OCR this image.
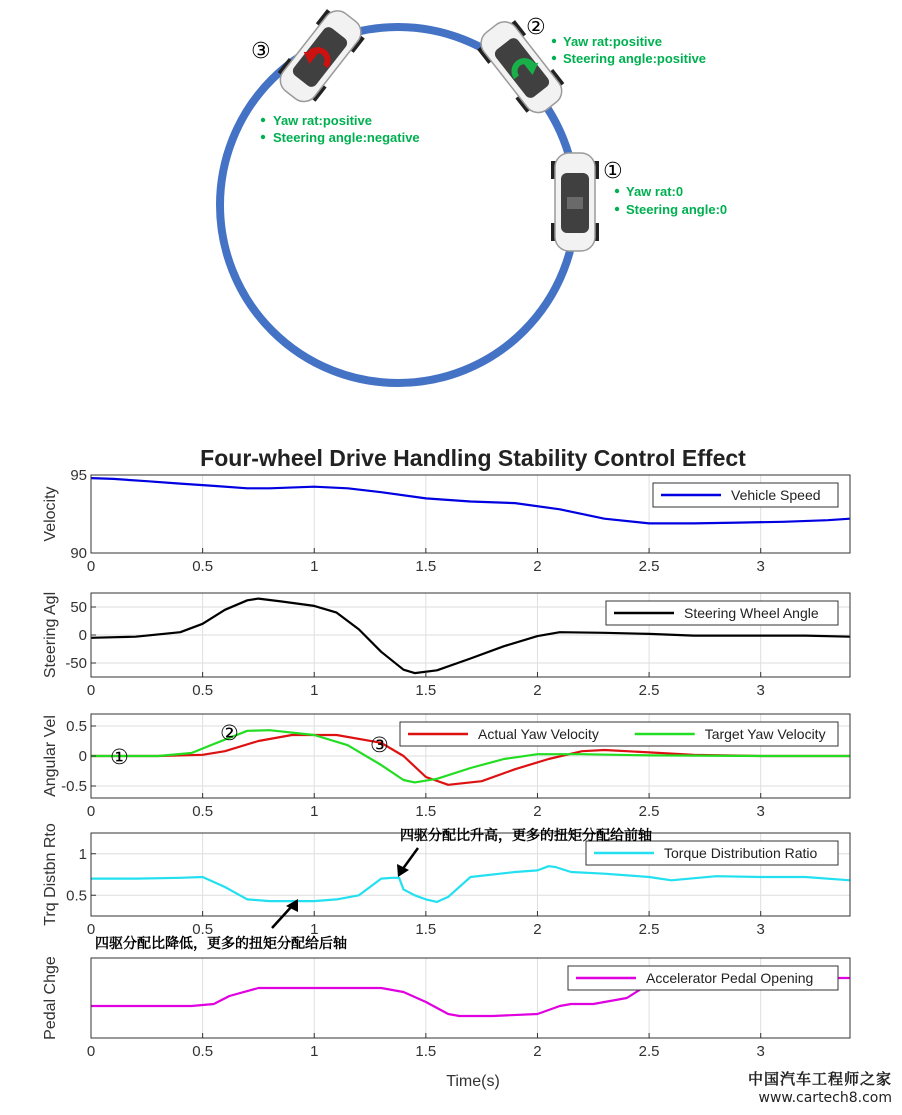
①
Yaw rat:0
Steering angle:0
②
Yaw rat:positive
Steering angle:positive
③
Yaw rat:positive
Steering angle:negative
Four-wheel Drive Handling Stability Control Effect
0	0.5	1	1.5	2	2.5	3
90
95
Velocity	Vehicle Speed
0	0.5	1	1.5	2	2.5	3
-50
0
50
Steering Agl	Steering Wheel Angle
0	0.5	1	1.5	2	2.5	3
-0.5
0
0.5
Angular Vel	Actual Yaw Velocity	Target Yaw Velocity
0	0.5	1	1.5	2	2.5	3
0.5
1
Trq Distbn Rto	Torque Distribution Ratio
0	0.5	1	1.5	2	2.5	3
Pedal Chge	Accelerator Pedal Opening
Time(s)
①
②	③
四驱分配比升高，更多的扭矩分配给前轴
四驱分配比降低，更多的扭矩分配给后轴
中国汽车工程师之家
www.cartech8.com
